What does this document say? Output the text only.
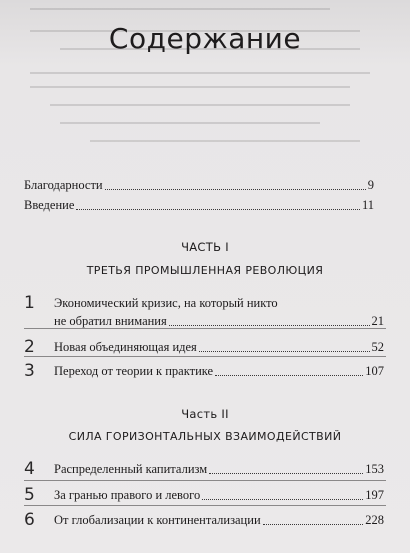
Содержание
Благодарности	9
Введение	11
ЧАСТЬ I
ТРЕТЬЯ ПРОМЫШЛЕННАЯ РЕВОЛЮЦИЯ
1 Экономический кризис, на который никто
не обратил внимания	21
2 Новая объединяющая идея	52
3 Переход от теории к практике	107
Часть II
СИЛА ГОРИЗОНТАЛЬНЫХ ВЗАИМОДЕЙСТВИЙ
4 Распределенный капитализм	153
5 За гранью правого и левого	197
6 От глобализации к континентализации	228
